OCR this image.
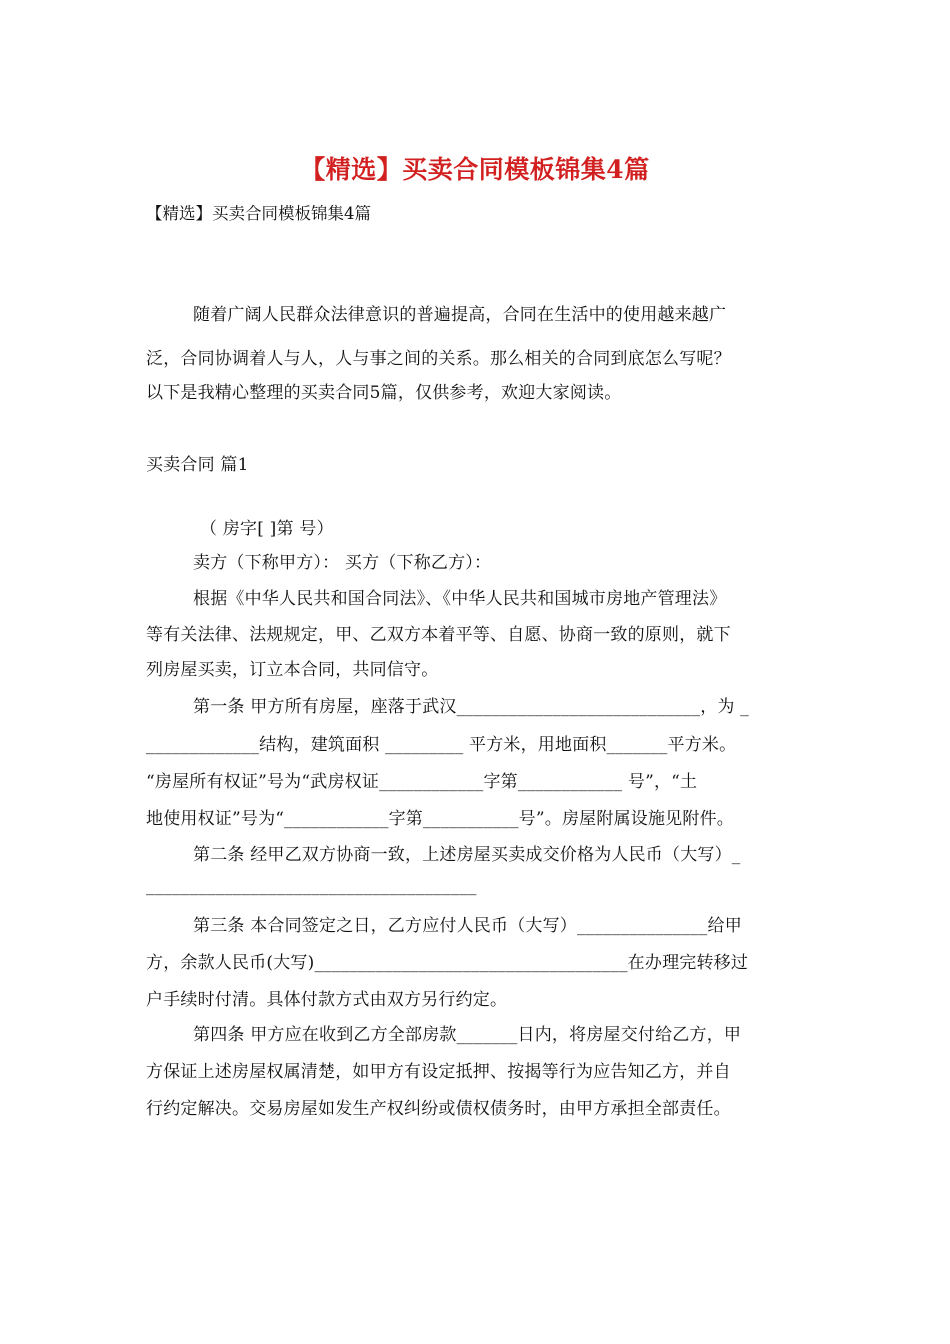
【精选】买卖合同模板锦集4篇
【精选】买卖合同模板锦集4篇
随着广阔人民群众法律意识的普遍提高，合同在生活中的使用越来越广
泛，合同协调着人与人，人与事之间的关系。那么相关的合同到底怎么写呢？
以下是我精心整理的买卖合同5篇，仅供参考，欢迎大家阅读。
买卖合同 篇1
（ 房字[ ]第 号）
卖方（下称甲方）： 买方（下称乙方）：
根据《中华人民共和国合同法》、《中华人民共和国城市房地产管理法》
等有关法律、法规规定，甲、乙双方本着平等、自愿、协商一致的原则，就下
列房屋买卖，订立本合同，共同信守。
第一条 甲方所有房屋，座落于武汉____________________________，为 _
_____________结构，建筑面积 _________ 平方米，用地面积_______平方米。
“房屋所有权证”号为“武房权证____________字第____________ 号”，“土
地使用权证”号为“____________字第___________号”。房屋附属设施见附件。
第二条 经甲乙双方协商一致，上述房屋买卖成交价格为人民币（大写）_
______________________________________
第三条 本合同签定之日，乙方应付人民币（大写）_______________给甲
方，余款人民币(大写)____________________________________在办理完转移过
户手续时付清。具体付款方式由双方另行约定。
第四条 甲方应在收到乙方全部房款_______日内，将房屋交付给乙方，甲
方保证上述房屋权属清楚，如甲方有设定抵押、按揭等行为应告知乙方，并自
行约定解决。交易房屋如发生产权纠纷或债权债务时，由甲方承担全部责任。
